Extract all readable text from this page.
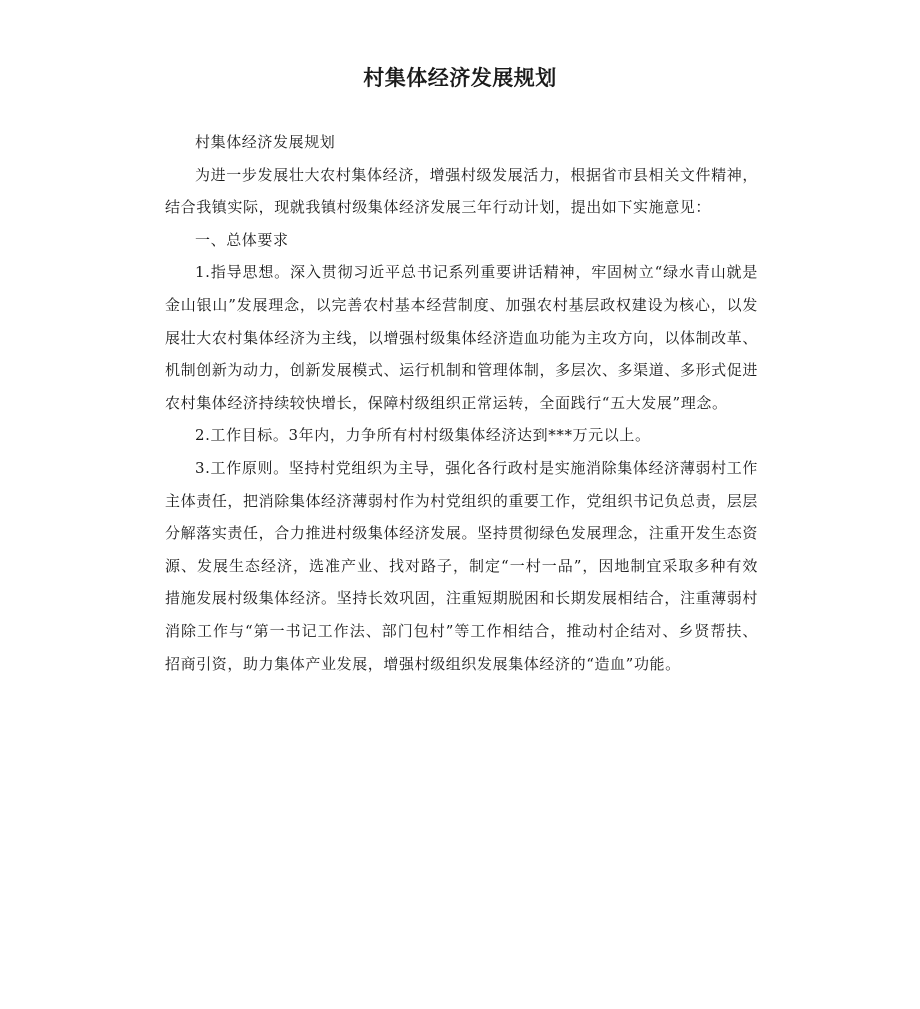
村集体经济发展规划

村集体经济发展规划

为进一步发展壮大农村集体经济，增强村级发展活力，根据省市县相关文件精神，结合我镇实际，现就我镇村级集体经济发展三年行动计划，提出如下实施意见：

一、总体要求

1.指导思想。深入贯彻习近平总书记系列重要讲话精神，牢固树立“绿水青山就是金山银山”发展理念，以完善农村基本经营制度、加强农村基层政权建设为核心，以发展壮大农村集体经济为主线，以增强村级集体经济造血功能为主攻方向，以体制改革、机制创新为动力，创新发展模式、运行机制和管理体制，多层次、多渠道、多形式促进农村集体经济持续较快增长，保障村级组织正常运转，全面践行“五大发展”理念。

2.工作目标。3年内，力争所有村村级集体经济达到***万元以上。

3.工作原则。坚持村党组织为主导，强化各行政村是实施消除集体经济薄弱村工作主体责任，把消除集体经济薄弱村作为村党组织的重要工作，党组织书记负总责，层层分解落实责任，合力推进村级集体经济发展。坚持贯彻绿色发展理念，注重开发生态资源、发展生态经济，选准产业、找对路子，制定“一村一品”，因地制宜采取多种有效措施发展村级集体经济。坚持长效巩固，注重短期脱困和长期发展相结合，注重薄弱村消除工作与“第一书记工作法、部门包村”等工作相结合，推动村企结对、乡贤帮扶、招商引资，助力集体产业发展，增强村级组织发展集体经济的“造血”功能。
